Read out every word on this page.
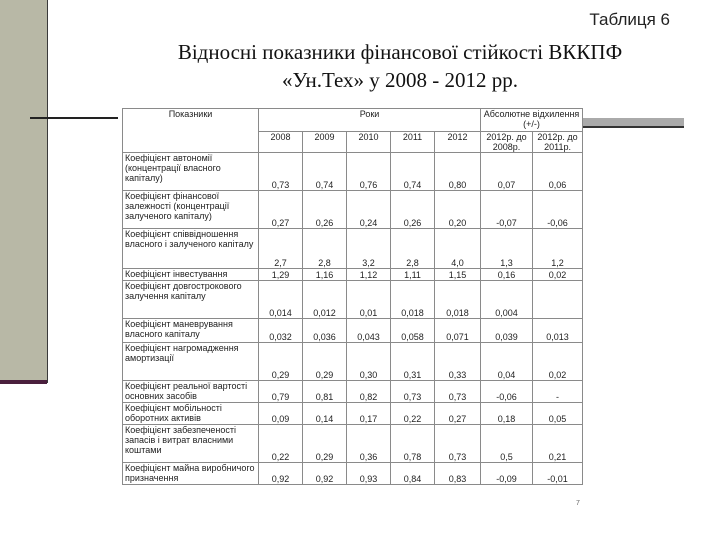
Таблиця 6
Відносні показники фінансової стійкості ВККПФ
«Ун.Тех» у 2008 - 2012 рр.
Показники	Роки					Абсолютне відхилення (+/-)	
	2008	2009	2010	2011	2012	2012р. до 2008р.	2012р. до 2011р.
Коефіцієнт автономії (концентрації власного капіталу)	0,73	0,74	0,76	0,74	0,80	0,07	0,06
Коефіцієнт фінансової залежності (концентрації залученого капіталу)	0,27	0,26	0,24	0,26	0,20	-0,07	-0,06
Коефіцієнт співвідношення власного і залученого капіталу	2,7	2,8	3,2	2,8	4,0	1,3	1,2
Коефіцієнт інвестування	1,29	1,16	1,12	1,11	1,15	0,16	0,02
Коефіцієнт довгострокового залучення капіталу	0,014	0,012	0,01	0,018	0,018	0,004	
Коефіцієнт маневрування власного капіталу	0,032	0,036	0,043	0,058	0,071	0,039	0,013
Коефіцієнт нагромадження амортизації	0,29	0,29	0,30	0,31	0,33	0,04	0,02
Коефіцієнт реальної вартості основних засобів	0,79	0,81	0,82	0,73	0,73	-0,06	-
Коефіцієнт мобільності оборотних активів	0,09	0,14	0,17	0,22	0,27	0,18	0,05
Коефіцієнт забезпеченості запасів і витрат власними коштами	0,22	0,29	0,36	0,78	0,73	0,5	0,21
Коефіцієнт майна виробничого призначення	0,92	0,92	0,93	0,84	0,83	-0,09	-0,01
7
